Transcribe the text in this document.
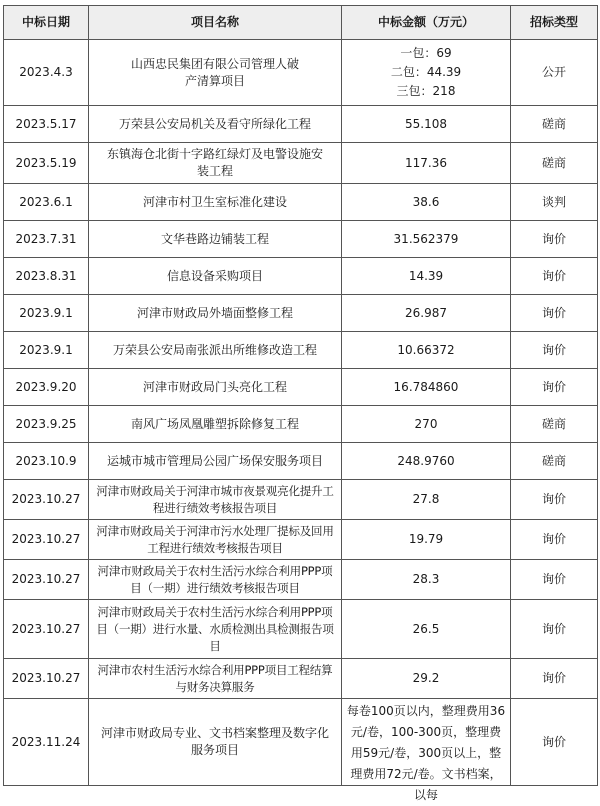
中标日期	项目名称	中标金额（万元）	招标类型
2023.4.3	山西忠民集团有限公司管理人破产清算项目	一包：69
二包：44.39
三包：218	公开
2023.5.17	万荣县公安局机关及看守所绿化工程	55.108	磋商
2023.5.19	东镇海仓北街十字路红绿灯及电警设施安装工程	117.36	磋商
2023.6.1	河津市村卫生室标准化建设	38.6	谈判
2023.7.31	文华巷路边铺装工程	31.562379	询价
2023.8.31	信息设备采购项目	14.39	询价
2023.9.1	河津市财政局外墙面整修工程	26.987	询价
2023.9.1	万荣县公安局南张派出所维修改造工程	10.66372	询价
2023.9.20	河津市财政局门头亮化工程	16.784860	询价
2023.9.25	南风广场凤凰雕塑拆除修复工程	270	磋商
2023.10.9	运城市城市管理局公园广场保安服务项目	248.9760	磋商
2023.10.27	河津市财政局关于河津市城市夜景观亮化提升工程进行绩效考核报告项目	27.8	询价
2023.10.27	河津市财政局关于河津市污水处理厂提标及回用工程进行绩效考核报告项目	19.79	询价
2023.10.27	河津市财政局关于农村生活污水综合利用PPP项目（一期）进行绩效考核报告项目	28.3	询价
2023.10.27	河津市财政局关于农村生活污水综合利用PPP项目（一期）进行水量、水质检测出具检测报告项目	26.5	询价
2023.10.27	河津市农村生活污水综合利用PPP项目工程结算与财务决算服务	29.2	询价
2023.11.24	河津市财政局专业、文书档案整理及数字化服务项目	每卷100页以内，整理费用36元/卷，100-300页，整理费用59元/卷，300页以上，整理费用72元/卷。文书档案，以每	询价
